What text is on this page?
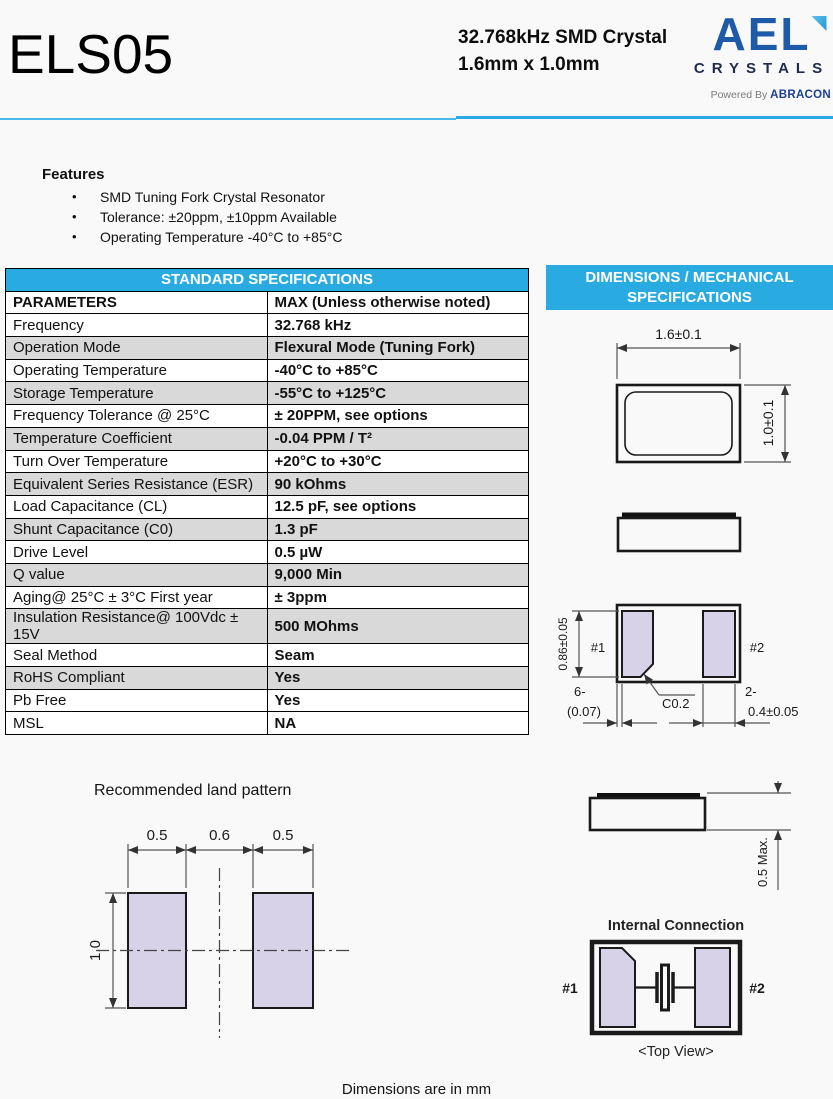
ELS05	32.768kHz SMD Crystal
1.6mm x 1.0mm
AEL
CRYSTALS
Powered By ABRACON
Features
•	SMD Tuning Fork Crystal Resonator
•	Tolerance: ±20ppm, ±10ppm Available
•	Operating Temperature -40°C to +85°C
STANDARD SPECIFICATIONS	
PARAMETERS	MAX (Unless otherwise noted)
Frequency	32.768 kHz
Operation Mode	Flexural Mode (Tuning Fork)
Operating Temperature	-40°C to +85°C
Storage Temperature	-55°C to +125°C
Frequency Tolerance @ 25°C	± 20PPM, see options
Temperature Coefficient	-0.04 PPM / T²
Turn Over Temperature	+20°C to +30°C
Equivalent Series Resistance (ESR)	90 kOhms
Load Capacitance (CL)	12.5 pF, see options
Shunt Capacitance (C0)	1.3 pF
Drive Level	0.5 µW
Q value	9,000 Min
Aging@ 25°C ± 3°C First year	± 3ppm
Insulation Resistance@ 100Vdc ± 15V	500 MOhms
Seal Method	Seam
RoHS Compliant	Yes
Pb Free	Yes
MSL	NA
DIMENSIONS / MECHANICAL
SPECIFICATIONS
1.6±0.1
1.0±0.1
#1	#2
0.86±0.05
6-
(0.07)
C0.2
2-
0.4±0.05
0.5 Max.
Internal Connection
#1	#2
<Top View>
Recommended land pattern
0.5	0.6	0.5
1.0
Dimensions are in mm
